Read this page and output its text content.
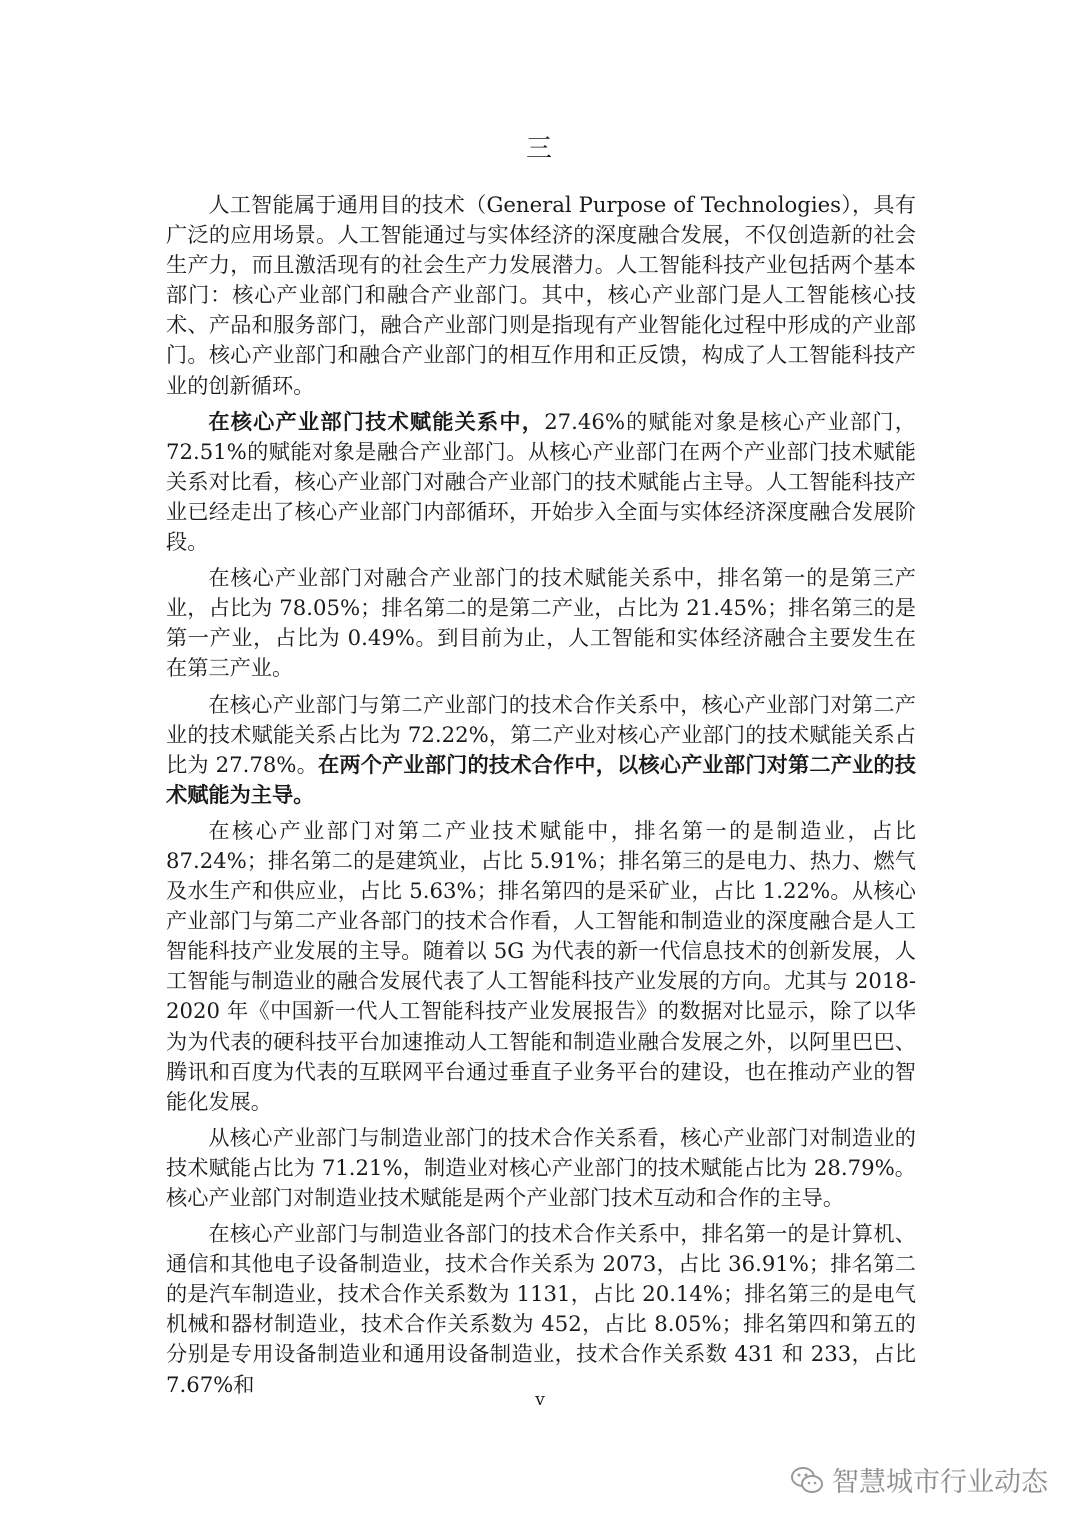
三

人工智能属于通用目的技术（General Purpose of Technologies），具有广泛的应用场景。人工智能通过与实体经济的深度融合发展，不仅创造新的社会生产力，而且激活现有的社会生产力发展潜力。人工智能科技产业包括两个基本部门：核心产业部门和融合产业部门。其中，核心产业部门是人工智能核心技术、产品和服务部门，融合产业部门则是指现有产业智能化过程中形成的产业部门。核心产业部门和融合产业部门的相互作用和正反馈，构成了人工智能科技产业的创新循环。

在核心产业部门技术赋能关系中，27.46%的赋能对象是核心产业部门，72.51%的赋能对象是融合产业部门。从核心产业部门在两个产业部门技术赋能关系对比看，核心产业部门对融合产业部门的技术赋能占主导。人工智能科技产业已经走出了核心产业部门内部循环，开始步入全面与实体经济深度融合发展阶段。

在核心产业部门对融合产业部门的技术赋能关系中，排名第一的是第三产业，占比为 78.05%；排名第二的是第二产业，占比为 21.45%；排名第三的是第一产业，占比为 0.49%。到目前为止，人工智能和实体经济融合主要发生在在第三产业。

在核心产业部门与第二产业部门的技术合作关系中，核心产业部门对第二产业的技术赋能关系占比为 72.22%，第二产业对核心产业部门的技术赋能关系占比为 27.78%。在两个产业部门的技术合作中，以核心产业部门对第二产业的技术赋能为主导。

在核心产业部门对第二产业技术赋能中，排名第一的是制造业，占比 87.24%；排名第二的是建筑业，占比 5.91%；排名第三的是电力、热力、燃气及水生产和供应业，占比 5.63%；排名第四的是采矿业，占比 1.22%。从核心产业部门与第二产业各部门的技术合作看，人工智能和制造业的深度融合是人工智能科技产业发展的主导。随着以 5G 为代表的新一代信息技术的创新发展，人工智能与制造业的融合发展代表了人工智能科技产业发展的方向。尤其与 2018-2020 年《中国新一代人工智能科技产业发展报告》的数据对比显示，除了以华为为代表的硬科技平台加速推动人工智能和制造业融合发展之外，以阿里巴巴、腾讯和百度为代表的互联网平台通过垂直子业务平台的建设，也在推动产业的智能化发展。

从核心产业部门与制造业部门的技术合作关系看，核心产业部门对制造业的技术赋能占比为 71.21%，制造业对核心产业部门的技术赋能占比为 28.79%。核心产业部门对制造业技术赋能是两个产业部门技术互动和合作的主导。

在核心产业部门与制造业各部门的技术合作关系中，排名第一的是计算机、通信和其他电子设备制造业，技术合作关系为 2073，占比 36.91%；排名第二的是汽车制造业，技术合作关系数为 1131，占比 20.14%；排名第三的是电气机械和器材制造业，技术合作关系数为 452，占比 8.05%；排名第四和第五的分别是专用设备制造业和通用设备制造业，技术合作关系数 431 和 233，占比 7.67%和

v
智慧城市行业动态
